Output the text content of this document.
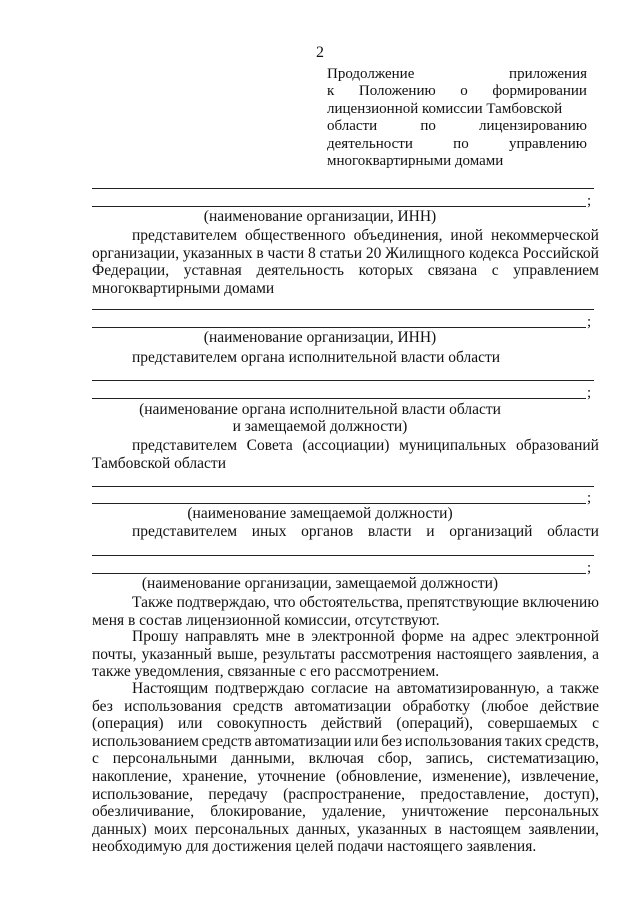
2
Продолжение	приложения
к Положению о формировании
лицензионной комиссии Тамбовской
области	по	лицензированию
деятельности	по	управлению
многоквартирными домами
;
(наименование организации, ИНН)
представителем общественного объединения, иной некоммерческой
организации, указанных в части 8 статьи 20 Жилищного кодекса Российской
Федерации, уставная деятельность которых связана с управлением
многоквартирными домами
;
(наименование организации, ИНН)
представителем органа исполнительной власти области
;
(наименование органа исполнительной власти области
и замещаемой должности)
представителем Совета (ассоциации) муниципальных образований
Тамбовской области
;
(наименование замещаемой должности)
представителем иных органов власти и организаций области
;
(наименование организации, замещаемой должности)
Также подтверждаю, что обстоятельства, препятствующие включению
меня в состав лицензионной комиссии, отсутствуют.
Прошу направлять мне в электронной форме на адрес электронной
почты, указанный выше, результаты рассмотрения настоящего заявления, а
также уведомления, связанные с его рассмотрением.
Настоящим подтверждаю согласие на автоматизированную, а также
без использования средств автоматизации обработку (любое действие
(операция) или совокупность действий (операций), совершаемых с
использованием средств автоматизации или без использования таких средств,
с персональными данными, включая сбор, запись, систематизацию,
накопление, хранение, уточнение (обновление, изменение), извлечение,
использование, передачу (распространение, предоставление, доступ),
обезличивание, блокирование, удаление, уничтожение персональных
данных) моих персональных данных, указанных в настоящем заявлении,
необходимую для достижения целей подачи настоящего заявления.
